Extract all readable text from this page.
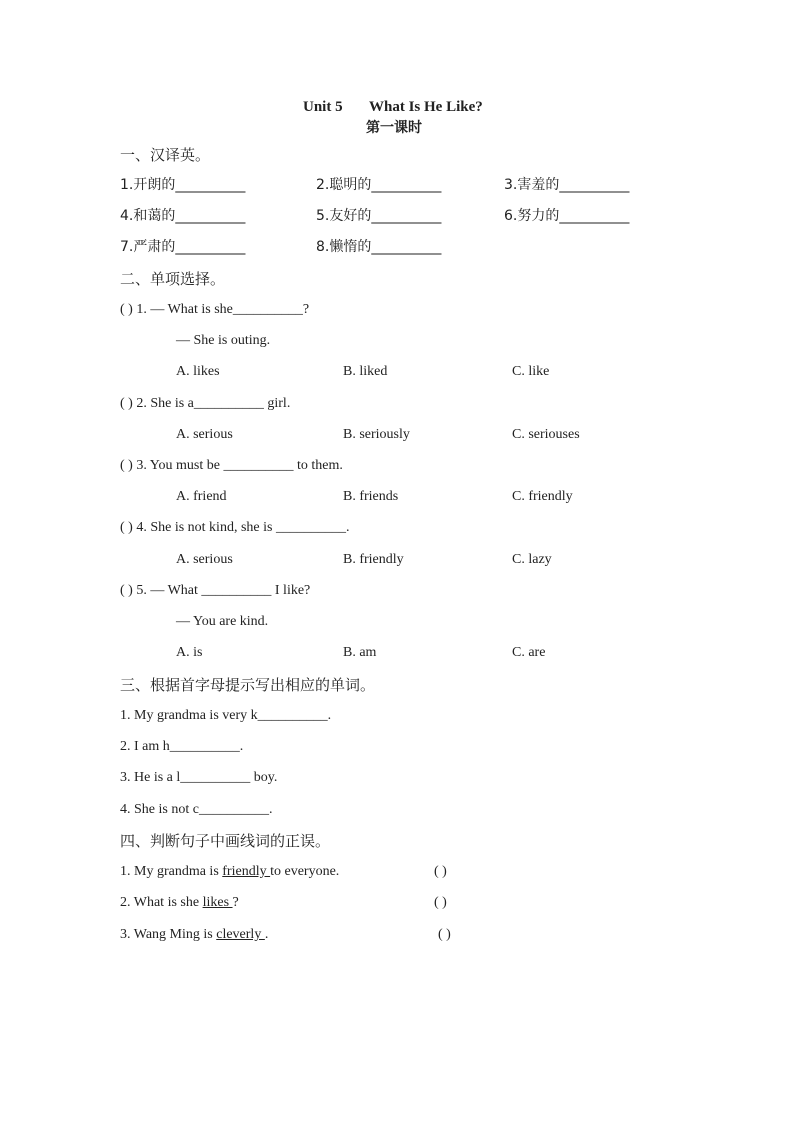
Unit 5 What Is He Like?
第一课时
一、汉译英。
1.开朗的__________	2.聪明的__________	3.害羞的__________
4.和蔼的__________	5.友好的__________	6.努力的__________
7.严肃的__________	8.懒惰的__________
二、单项选择。
( ) 1. — What is she__________?
— She is outing.
A. likes	B. liked	C. like
( ) 2. She is a__________ girl.
A. serious	B. seriously	C. seriouses
( ) 3. You must be __________ to them.
A. friend	B. friends	C. friendly
( ) 4. She is not kind, she is __________.
A. serious	B. friendly	C. lazy
( ) 5. — What __________ I like?
— You are kind.
A. is	B. am	C. are
三、根据首字母提示写出相应的单词。
1. My grandma is very k__________.
2. I am h__________.
3. He is a l__________ boy.
4. She is not c__________.
四、判断句子中画线词的正误。
1. My grandma is friendly to everyone.	( )
2. What is she likes ?	( )
3. Wang Ming is cleverly .	( )
